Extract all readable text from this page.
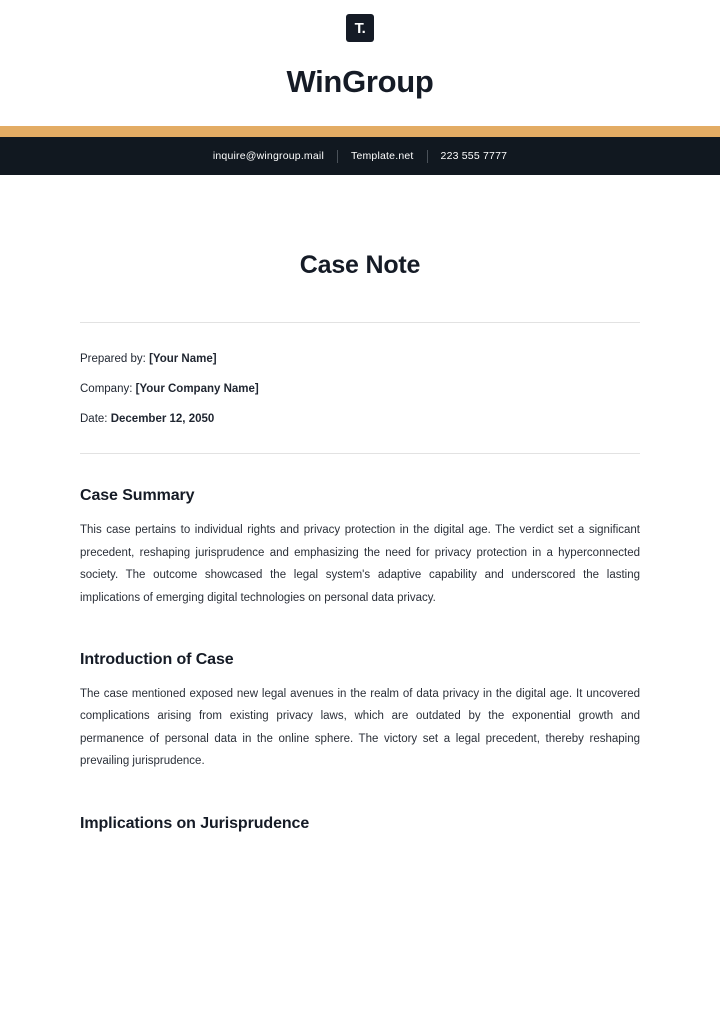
T.
WinGroup
inquire@wingroup.mail	Template.net	223 555 7777
Case Note
Prepared by: [Your Name]
Company: [Your Company Name]
Date: December 12, 2050
Case Summary

This case pertains to individual rights and privacy protection in the digital age. The verdict set a significant precedent, reshaping jurisprudence and emphasizing the need for privacy protection in a hyperconnected society. The outcome showcased the legal system's adaptive capability and underscored the lasting implications of emerging digital technologies on personal data privacy.

Introduction of Case

The case mentioned exposed new legal avenues in the realm of data privacy in the digital age. It uncovered complications arising from existing privacy laws, which are outdated by the exponential growth and permanence of personal data in the online sphere. The victory set a legal precedent, thereby reshaping prevailing jurisprudence.

Implications on Jurisprudence
